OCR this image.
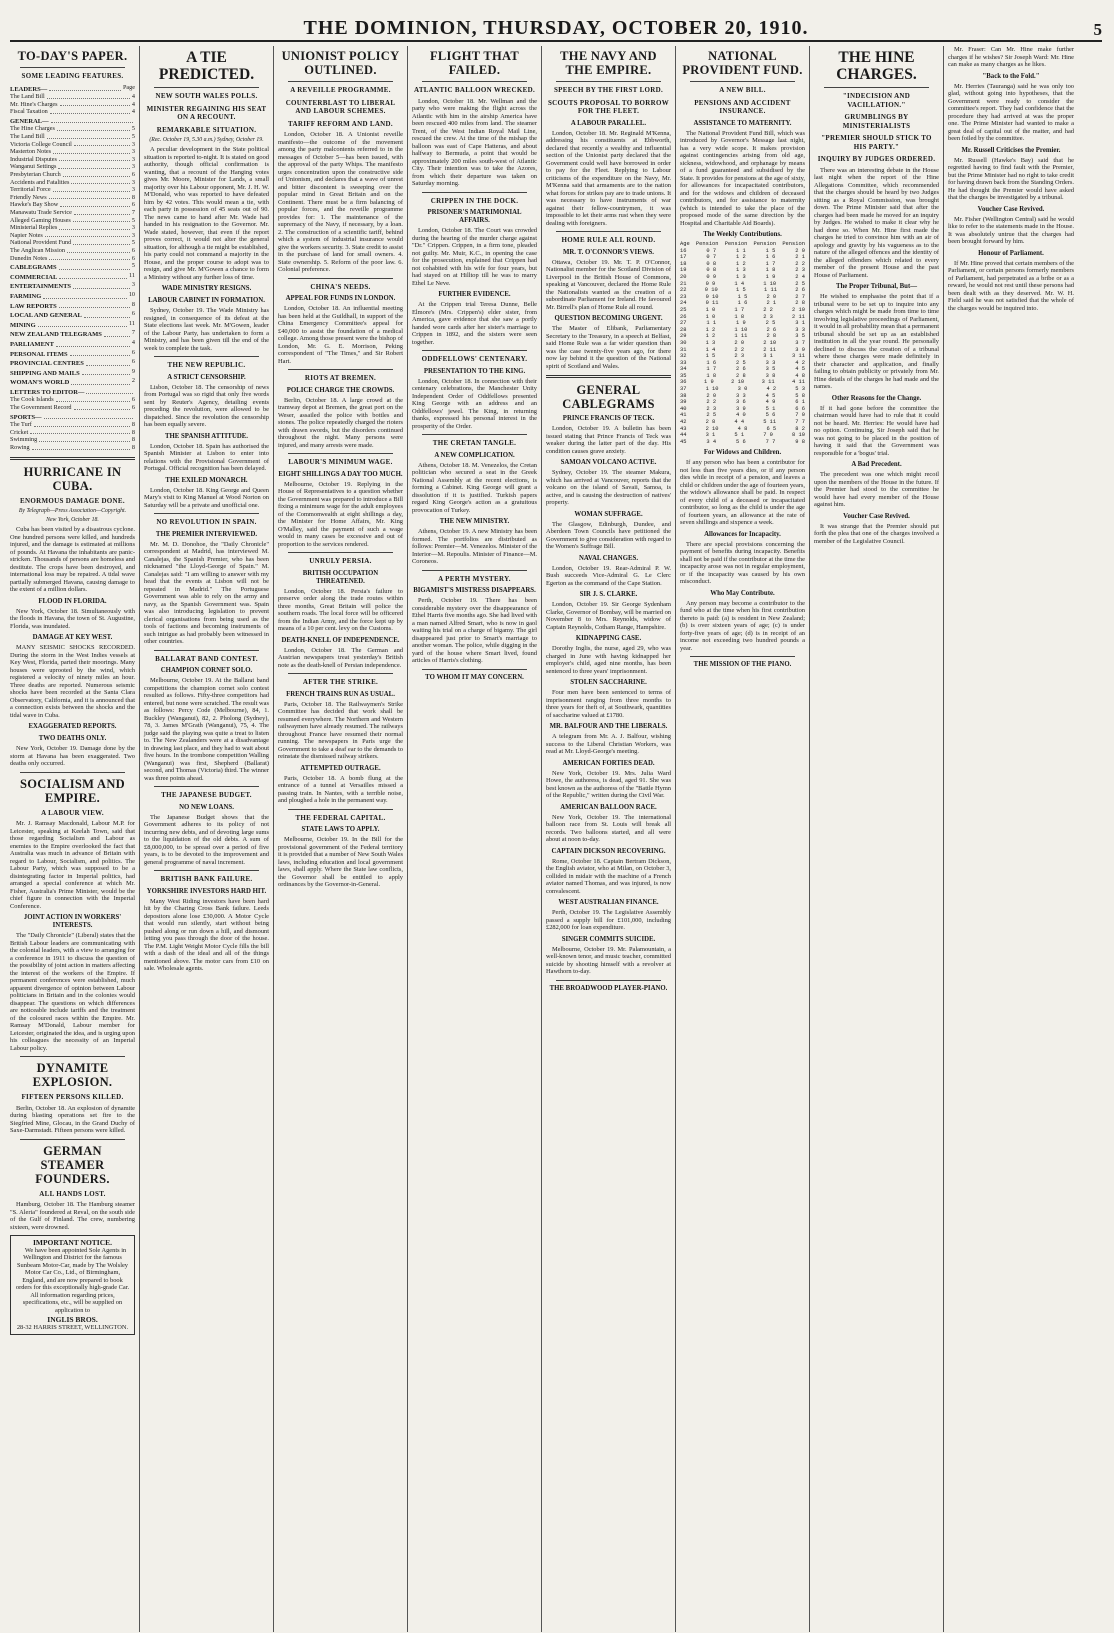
THE DOMINION, THURSDAY, OCTOBER 20, 1910.	5
TO-DAY'S PAPER.
SOME LEADING FEATURES.
LEADERS—	Page
The Land Bill	4
Mr. Hine's Charges	4
Fiscal Taxation	4
GENERAL—
The Hine Charges	5
The Land Bill	5
Victoria College Council	3
Masterton Notes	3
Industrial Disputes	3
Wanganui Settings	3
Presbyterian Church	6
Accidents and Fatalities	3
Territorial Force	3
Friendly News	8
Hawke's Bay Show	6
Manawatu Trade Service	7
Alleged Gaming Houses	5
Ministerial Replies	3
Napier Notes	3
National Provident Fund	5
The Anglican Mission	6
Dunedin Notes	6
CABLEGRAMS	5
COMMERCIAL	11
ENTERTAINMENTS	3
FARMING	10
LAW REPORTS	8
LOCAL AND GENERAL	6
MINING	11
NEW ZEALAND TELEGRAMS	7
PARLIAMENT	4
PERSONAL ITEMS	6
PROVINCIAL CENTRES	6
SHIPPING AND MAILS	9
WOMAN'S WORLD	2
LETTERS TO EDITOR—
The Cook Islands	6
The Government Record	6
SPORTS—
The Turf	8
Cricket	8
Swimming	8
Rowing	8
HURRICANE IN CUBA.
ENORMOUS DAMAGE DONE.
By Telegraph—Press Association—Copyright.
New York, October 18.

Cuba has been visited by a disastrous cyclone. One hundred persons were killed, and hundreds injured, and the damage is estimated at millions of pounds. At Havana the inhabitants are panic-stricken. Thousands of persons are homeless and destitute. The crops have been destroyed, and international loss may be repaired. A tidal wave partially submerged Havana, causing damage to the extent of a million dollars.

FLOOD IN FLORIDA.

New York, October 18. Simultaneously with the floods in Havana, the town of St. Augustine, Florida, was inundated.

DAMAGE AT KEY WEST.

MANY SEISMIC SHOCKS RECORDED. During the storm in the West Indies vessels at Key West, Florida, parted their moorings. Many houses were uprooted by the wind, which registered a velocity of ninety miles an hour. Three deaths are reported. Numerous seismic shocks have been recorded at the Santa Clara Observatory, California, and it is announced that a connection exists between the shocks and the tidal wave in Cuba.

EXAGGERATED REPORTS.
TWO DEATHS ONLY.

New York, October 19. Damage done by the storm at Havana has been exaggerated. Two deaths only occurred.

SOCIALISM AND EMPIRE.
A LABOUR VIEW.

Mr. J. Ramsay Macdonald, Labour M.P. for Leicester, speaking at Keelah Town, said that those regarding Socialism and Labour as enemies to the Empire overlooked the fact that Australia was much in advance of Britain with regard to Labour, Socialism, and politics. The Labour Party, which was supposed to be a disintegrating factor in Imperial politics, had arranged a special conference at which Mr. Fisher, Australia's Prime Minister, would be the chief figure in connection with the Imperial Conference.

JOINT ACTION IN WORKERS' INTERESTS.

The "Daily Chronicle" (Liberal) states that the British Labour leaders are communicating with the colonial leaders, with a view to arranging for a conference in 1911 to discuss the question of the possibility of joint action in matters affecting the interest of the workers of the Empire. If permanent conferences were established, much apparent divergence of opinion between Labour politicians in Britain and in the colonies would disappear. The questions on which differences are noticeable include tariffs and the treatment of the coloured races within the Empire. Mr. Ramsay M'Donald, Labour member for Leicester, originated the idea, and is urging upon his colleagues the necessity of an Imperial Labour policy.

DYNAMITE EXPLOSION.
FIFTEEN PERSONS KILLED.

Berlin, October 18. An explosion of dynamite during blasting operations set fire to the Siegfried Mine, Glocau, in the Grand Duchy of Saxe-Darmstadt. Fifteen persons were killed.

GERMAN STEAMER FOUNDERS.
ALL HANDS LOST.

Hamburg, October 18. The Hamburg steamer "S. Aleria" foundered at Reval, on the south side of the Gulf of Finland. The crew, numbering sixteen, were drowned.

IMPORTANT NOTICE.

We have been appointed Sole Agents in Wellington and District for the famous Sunbeam Motor-Car, made by The Wolsley Motor Car Co., Ltd., of Birmingham, England, and are now prepared to book orders for this exceptionally high-grade Car. All information regarding prices, specifications, etc., will be supplied on application to

INGLIS BROS.
28-32 HARRIS STREET, WELLINGTON.
A TIE PREDICTED.
NEW SOUTH WALES POLLS.
MINISTER REGAINING HIS SEAT ON A RECOUNT.
REMARKABLE SITUATION.
(Rec. October 19, 5.30 a.m.) Sydney, October 19.

A peculiar development in the State political situation is reported to-night. It is stated on good authority, though official confirmation is wanting, that a recount of the Hanging votes gives Mr. Moore, Minister for Lands, a small majority over his Labour opponent, Mr. J. H. W. M'Donald, who was reported to have defeated him by 42 votes. This would mean a tie, with each party in possession of 45 seats out of 90. The news came to hand after Mr. Wade had handed in his resignation to the Governor. Mr. Wade stated, however, that even if the report proves correct, it would not alter the general situation, for although a tie might be established, his party could not command a majority in the House, and the proper course to adopt was to resign, and give Mr. M'Gowen a chance to form a Ministry without any further loss of time.

WADE MINISTRY RESIGNS.
LABOUR CABINET IN FORMATION.

Sydney, October 19. The Wade Ministry has resigned, in consequence of its defeat at the State elections last week. Mr. M'Gowen, leader of the Labour Party, has undertaken to form a Ministry, and has been given till the end of the week to complete the task.

THE NEW REPUBLIC.
A STRICT CENSORSHIP.

Lisbon, October 18. The censorship of news from Portugal was so rigid that only five words sent by Reuter's Agency, detailing events preceding the revolution, were allowed to be dispatched. Since the revolution the censorship has been equally severe.

THE SPANISH ATTITUDE.

London, October 18. Spain has authorised the Spanish Minister at Lisbon to enter into relations with the Provisional Government of Portugal. Official recognition has been delayed.

THE EXILED MONARCH.

London, October 18. King George and Queen Mary's visit to King Manuel at Wood Norton on Saturday will be a private and unofficial one.

NO REVOLUTION IN SPAIN.
THE PREMIER INTERVIEWED.

Mr. M. D. Donohoe, the "Daily Chronicle" correspondent at Madrid, has interviewed M. Canalejas, the Spanish Premier, who has been nicknamed "the Lloyd-George of Spain." M. Canalejas said: "I am willing to answer with my head that the events at Lisbon will not be repeated in Madrid." The Portuguese Government was able to rely on the army and navy, as the Spanish Government was. Spain was also introducing legislation to prevent clerical organisations from being used as the tools of factions and becoming instruments of such intrigue as had probably been witnessed in other countries.

BALLARAT BAND CONTEST.
CHAMPION CORNET SOLO.

Melbourne, October 19. At the Ballarat band competitions the champion cornet solo contest resulted as follows. Fifty-three competitors had entered, but none were scratched. The result was as follows: Percy Code (Melbourne), 84, 1. Buckley (Wanganui), 82, 2. Pholong (Sydney), 78, 3. James M'Grath (Wanganui), 75, 4. The judge said the playing was quite a treat to listen to. The New Zealanders were at a disadvantage in drawing last place, and they had to wait about five hours. In the trombone competition Walling (Wanganui) was first, Shepherd (Ballarat) second, and Thomas (Victoria) third. The winner was three points ahead.

THE JAPANESE BUDGET.
NO NEW LOANS.

The Japanese Budget shows that the Government adheres to its policy of not incurring new debts, and of devoting large sums to the liquidation of the old debts. A sum of £8,000,000, to be spread over a period of five years, is to be devoted to the improvement and general programme of naval increment.

BRITISH BANK FAILURE.
YORKSHIRE INVESTORS HARD HIT.

Many West Riding investors have been hard hit by the Charing Cross Bank failure. Leeds depositors alone lose £30,000. A Motor Cycle that would run silently, start without being pushed along or run down a hill, and dismount letting you pass through the door of the house. The P.M. Light Weight Motor Cycle fills the bill with a dash of the ideal and all of the things mentioned above. The motor cars from £10 on sale. Wholesale agents.

UNIONIST POLICY OUTLINED.
A REVEILLE PROGRAMME.
COUNTERBLAST TO LIBERAL AND LABOUR SCHEMES.
TARIFF REFORM AND LAND.

London, October 18. A Unionist reveille manifesto—the outcome of the movement among the party malcontents referred to in the messages of October 5—has been issued, with the approval of the party Whips. The manifesto urges concentration upon the constructive side of Unionism, and declares that a wave of unrest and bitter discontent is sweeping over the popular mind in Great Britain and on the Continent. There must be a firm balancing of popular forces, and the reveille programme provides for: 1. The maintenance of the supremacy of the Navy, if necessary, by a loan. 2. The construction of a scientific tariff, behind which a system of industrial insurance would give the workers security. 3. State credit to assist in the purchase of land for small owners. 4. State ownership. 5. Reform of the poor law. 6. Colonial preference.

CHINA'S NEEDS.
APPEAL FOR FUNDS IN LONDON.

London, October 18. An influential meeting has been held at the Guildhall, in support of the China Emergency Committee's appeal for £40,000 to assist the foundation of a medical college. Among those present were the bishop of London, Mr. G. E. Morrison, Peking correspondent of "The Times," and Sir Robert Hart.

RIOTS AT BREMEN.
POLICE CHARGE THE CROWDS.

Berlin, October 18. A large crowd at the tramway depot at Bremen, the great port on the Weser, assailed the police with bottles and stones. The police repeatedly charged the rioters with drawn swords, but the disorders continued throughout the night. Many persons were injured, and many arrests were made.

LABOUR'S MINIMUM WAGE.
EIGHT SHILLINGS A DAY TOO MUCH.

Melbourne, October 19. Replying in the House of Representatives to a question whether the Government was prepared to introduce a Bill fixing a minimum wage for the adult employees of the Commonwealth at eight shillings a day, the Minister for Home Affairs, Mr. King O'Malley, said the payment of such a wage would in many cases be excessive and out of proportion to the services rendered.

UNRULY PERSIA.
BRITISH OCCUPATION THREATENED.

London, October 18. Persia's failure to preserve order along the trade routes within three months, Great Britain will police the southern roads. The local force will be officered from the Indian Army, and the force kept up by means of a 10 per cent. levy on the Customs.

DEATH-KNELL OF INDEPENDENCE.

London, October 18. The German and Austrian newspapers treat yesterday's British note as the death-knell of Persian independence.

AFTER THE STRIKE.
FRENCH TRAINS RUN AS USUAL.

Paris, October 18. The Railwaymen's Strike Committee has decided that work shall be resumed everywhere. The Northern and Western railwaymen have already resumed. The railways throughout France have resumed their normal running. The newspapers in Paris urge the Government to take a deaf ear to the demands to reinstate the dismissed railway strikers.

ATTEMPTED OUTRAGE.

Paris, October 18. A bomb flung at the entrance of a tunnel at Versailles missed a passing train. In Nantes, with a terrible noise, and ploughed a hole in the permanent way.

THE FEDERAL CAPITAL.
STATE LAWS TO APPLY.

Melbourne, October 19. In the Bill for the provisional government of the Federal territory it is provided that a number of New South Wales laws, including education and local government laws, shall apply. Where the State law conflicts, the Governor shall be entitled to apply ordinances by the Governor-in-General.

FLIGHT THAT FAILED.
ATLANTIC BALLOON WRECKED.

London, October 18. Mr. Wellman and the party who were making the flight across the Atlantic with him in the airship America have been rescued 400 miles from land. The steamer Trent, of the West Indian Royal Mail Line, rescued the crew. At the time of the mishap the balloon was east of Cape Hatteras, and about halfway to Bermuda, a point that would be approximately 200 miles south-west of Atlantic City. Their intention was to take the Azores, from which their departure was taken on Saturday morning.

CRIPPEN IN THE DOCK.
PRISONER'S MATRIMONIAL AFFAIRS.

London, October 18. The Court was crowded during the hearing of the murder charge against "Dr." Crippen. Crippen, in a firm tone, pleaded not guilty. Mr. Muir, K.C., in opening the case for the prosecution, explained that Crippen had not cohabited with his wife for four years, but had stayed on at Hilltop till he was to marry Ethel Le Neve.

FURTHER EVIDENCE.

At the Crippen trial Teresa Dunne, Belle Elmore's (Mrs. Crippen's) elder sister, from America, gave evidence that she saw a portly handed wore cards after her sister's marriage to Crippen in 1892, and the sisters were seen together.

ODDFELLOWS' CENTENARY.
PRESENTATION TO THE KING.

London, October 18. In connection with their centenary celebrations, the Manchester Unity Independent Order of Oddfellows presented King George with an address and an Oddfellows' jewel. The King, in returning thanks, expressed his personal interest in the prosperity of the Order.

THE CRETAN TANGLE.
A NEW COMPLICATION.

Athens, October 18. M. Venezelos, the Cretan politician who secured a seat in the Greek National Assembly at the recent elections, is forming a Cabinet. King George will grant a dissolution if it is justified. Turkish papers regard King George's action as a gratuitous provocation of Turkey.

THE NEW MINISTRY.

Athens, October 19. A new Ministry has been formed. The portfolios are distributed as follows: Premier—M. Venezelos. Minister of the Interior—M. Repoulis. Minister of Finance—M. Coroneos.

A PERTH MYSTERY.
BIGAMIST'S MISTRESS DISAPPEARS.

Perth, October 19. There has been considerable mystery over the disappearance of Ethel Harris five months ago. She had lived with a man named Alfred Smart, who is now in gaol waiting his trial on a charge of bigamy. The girl disappeared just prior to Smart's marriage to another woman. The police, while digging in the yard of the house where Smart lived, found articles of Harris's clothing.

TO WHOM IT MAY CONCERN.
THE NAVY AND THE EMPIRE.
SPEECH BY THE FIRST LORD.
SCOUTS PROPOSAL TO BORROW FOR THE FLEET.
A LABOUR PARALLEL.

London, October 18. Mr. Reginald M'Kenna, addressing his constituents at Ebbworth, declared that recently a wealthy and influential section of the Unionist party declared that the Government could well have borrowed in order to pay for the Fleet. Replying to Labour criticisms of the expenditure on the Navy, Mr. M'Kenna said that armaments are to the nation what forces for strikes pay are to trade unions. It was necessary to have instruments of war against their fellow-countrymen, it was impossible to let their arms rust when they were dealing with foreigners.

HOME RULE ALL ROUND.
MR. T. O'CONNOR'S VIEWS.

Ottawa, October 19. Mr. T. P. O'Connor, Nationalist member for the Scotland Division of Liverpool in the British House of Commons, speaking at Vancouver, declared the Home Rule the Nationalists wanted as the creation of a subordinate Parliament for Ireland. He favoured Mr. Birrell's plan of Home Rule all round.

QUESTION BECOMING URGENT.

The Master of Elibank, Parliamentary Secretary to the Treasury, in a speech at Belfast, said Home Rule was a far wider question than was the case twenty-five years ago, for there now lay behind it the question of the National spirit of Scotland and Wales.

GENERAL CABLEGRAMS
PRINCE FRANCIS OF TECK.

London, October 19. A bulletin has been issued stating that Prince Francis of Teck was weaker during the latter part of the day. His condition causes grave anxiety.

SAMOAN VOLCANO ACTIVE.

Sydney, October 19. The steamer Makura, which has arrived at Vancouver, reports that the volcano on the island of Savaii, Samoa, is active, and is causing the destruction of natives' property.

WOMAN SUFFRAGE.

The Glasgow, Edinburgh, Dundee, and Aberdeen Town Councils have petitioned the Government to give consideration with regard to the Women's Suffrage Bill.

NAVAL CHANGES.

London, October 19. Rear-Admiral P. W. Bush succeeds Vice-Admiral G. Le Clerc Egerton as the command of the Cape Station.

SIR J. S. CLARKE.

London, October 19. Sir George Sydenham Clarke, Governor of Bombay, will be married on November 8 to Mrs. Reynolds, widow of Captain Reynolds, Cotham Range, Hampshire.

KIDNAPPING CASE.

Dorothy Inglis, the nurse, aged 29, who was charged in June with having kidnapped her employer's child, aged nine months, has been sentenced to three years' imprisonment.

STOLEN SACCHARINE.

Four men have been sentenced to terms of imprisonment ranging from three months to three years for theft of, at Southwark, quantities of saccharine valued at £1780.

MR. BALFOUR AND THE LIBERALS.

A telegram from Mr. A. J. Balfour, wishing success to the Liberal Christian Workers, was read at Mr. Lloyd-George's meeting.

AMERICAN FORTIES DEAD.

New York, October 19. Mrs. Julia Ward Howe, the authoress, is dead, aged 91. She was best known as the authoress of the "Battle Hymn of the Republic," written during the Civil War.

AMERICAN BALLOON RACE.

New York, October 19. The international balloon race from St. Louis will break all records. Two balloons started, and all were about at noon to-day.

CAPTAIN DICKSON RECOVERING.

Rome, October 18. Captain Bertram Dickson, the English aviator, who at Milan, on October 3, collided in midair with the machine of a French aviator named Thomas, and was injured, is now convalescent.

WEST AUSTRALIAN FINANCE.

Perth, October 19. The Legislative Assembly passed a supply bill for £101,000, including £282,000 for loan expenditure.

SINGER COMMITS SUICIDE.

Melbourne, October 19. Mr. Palamountain, a well-known tenor, and music teacher, committed suicide by shooting himself with a revolver at Hawthorn to-day.

THE BROADWOOD PLAYER-PIANO.
NATIONAL PROVIDENT FUND.
A NEW BILL.
PENSIONS AND ACCIDENT INSURANCE.
ASSISTANCE TO MATERNITY.

The National Provident Fund Bill, which was introduced by Governor's Message last night, has a very wide scope. It makes provision against contingencies arising from old age, sickness, widowhood, and orphanage by means of a fund guaranteed and subsidised by the State. It provides for pensions at the age of sixty, for allowances for incapacitated contributors, and for the widows and children of deceased contributors, and for assistance to maternity (which is intended to take the place of the proposed mode of the same direction by the Hospital and Charitable Aid Boards).

The Weekly Contributions.
Age Pension Pension Pension Pension
16	0 7	1 1	1 5	2 0
17	0 7	1 2	1 6	2 1
18	0 8	1 2	1 7	2 2
19	0 8	1 3	1 8	2 3
20	0 9	1 3	1 9	2 4
21	0 9	1 4	1 10	2 5
22	0 10	1 5	1 11	2 6
23	0 10	1 5	2 0	2 7
24	0 11	1 6	2 1	2 8
25	1 0	1 7	2 2	2 10
26	1 0	1 8	2 3	2 11
27	1 1	1 9	2 5	3 1
28	1 2	1 10	2 6	3 3
29	1 2	1 11	2 8	3 5
30	1 3	2 0	2 10	3 7
31	1 4	2 2	2 11	3 9
32	1 5	2 3	3 1	3 11
33	1 6	2 5	3 3	4 2
34	1 7	2 6	3 5	4 5
35	1 8	2 8	3 8	4 8
36	1 9	2 10	3 11	4 11
37	1 10	3 0	4 2	5 3
38	2 0	3 3	4 5	5 8
39	2 2	3 6	4 9	6 1
40	2 3	3 9	5 1	6 6
41	2 5	4 0	5 6	7 0
42	2 8	4 4	5 11	7 7
43	2 10	4 8	6 5	8 2
44	3 1	5 1	7 0	8 10
45	3 4	5 6	7 7	9 8
For Widows and Children.

If any person who has been a contributor for not less than five years dies, or if any person dies while in receipt of a pension, and leaves a child or children under the age of fourteen years, the widow's allowance shall be paid. In respect of every child of a deceased or incapacitated contributor, so long as the child is under the age of fourteen years, an allowance at the rate of seven shillings and sixpence a week.

Allowances for Incapacity.

There are special provisions concerning the payment of benefits during incapacity. Benefits shall not be paid if the contributor at the time the incapacity arose was not in regular employment, or if the incapacity was caused by his own misconduct.

Who May Contribute.

Any person may become a contributor to the fund who at the time when his first contribution thereto is paid: (a) is resident in New Zealand; (b) is over sixteen years of age; (c) is under forty-five years of age; (d) is in receipt of an income not exceeding two hundred pounds a year.

THE MISSION OF THE PIANO.
THE HINE CHARGES.
"INDECISION AND VACILLATION."
GRUMBLINGS BY MINISTERIALISTS
"PREMIER SHOULD STICK TO HIS PARTY."
INQUIRY BY JUDGES ORDERED.

There was an interesting debate in the House last night when the report of the Hine Allegations Committee, which recommended that the charges should be heard by two Judges sitting as a Royal Commission, was brought down. The Prime Minister said that after the charges had been made he moved for an inquiry by Judges. He wished to make it clear why he had done so. When Mr. Hine first made the charges he tried to convince him with an air of apology and gravity by his vagueness as to the nature of the alleged offences and the identity of the alleged offenders which related to every member of the present House and the past House of Parliament.

The Proper Tribunal, But—

He wished to emphasise the point that if a tribunal were to be set up to inquire into any charges which might be made from time to time involving legislative proceedings of Parliament, it would in all probability mean that a permanent tribunal should be set up as an established institution in all the year round. He personally declined to discuss the creation of a tribunal where these charges were made definitely in their character and application, and finally failing to obtain publicity or privately from Mr. Hine details of the charges he had made and the names.

Other Reasons for the Change.

If it had gone before the committee the chairman would have had to rule that it could not be heard. Mr. Herries: He would have had no option. Continuing, Sir Joseph said that he was not going to be placed in the position of having it said that the Government was responsible for a 'bogus' trial.

A Bad Precedent.

The precedent was one which might recoil upon the members of the House in the future. If the Premier had stood to the committee he would have had every member of the House against him.

Voucher Case Revived.

It was strange that the Premier should put forth the plea that one of the charges involved a member of the Legislative Council.

Mr. Fraser: Can Mr. Hine make further charges if he wishes? Sir Joseph Ward: Mr. Hine can make as many charges as he likes.

"Back to the Fold."

Mr. Herries (Tauranga) said he was only too glad, without going into hypotheses, that the Government were ready to consider the committee's report. They had confidence that the procedure they had arrived at was the proper one. The Prime Minister had wanted to make a great deal of capital out of the matter, and had been foiled by the committee.

Mr. Russell Criticises the Premier.

Mr. Russell (Hawke's Bay) said that he regretted having to find fault with the Premier, but the Prime Minister had no right to take credit for having drawn back from the Standing Orders. He had thought the Premier would have asked that the charges be investigated by a tribunal.

Voucher Case Revived.

Mr. Fisher (Wellington Central) said he would like to refer to the statements made in the House. It was absolutely untrue that the charges had been brought forward by him.

Honour of Parliament.

If Mr. Hine proved that certain members of the Parliament, or certain persons formerly members of Parliament, had perpetrated as a bribe or as a reward, he would not rest until these persons had been dealt with as they deserved. Mr. W. H. Field said he was not satisfied that the whole of the charges would be inquired into.
